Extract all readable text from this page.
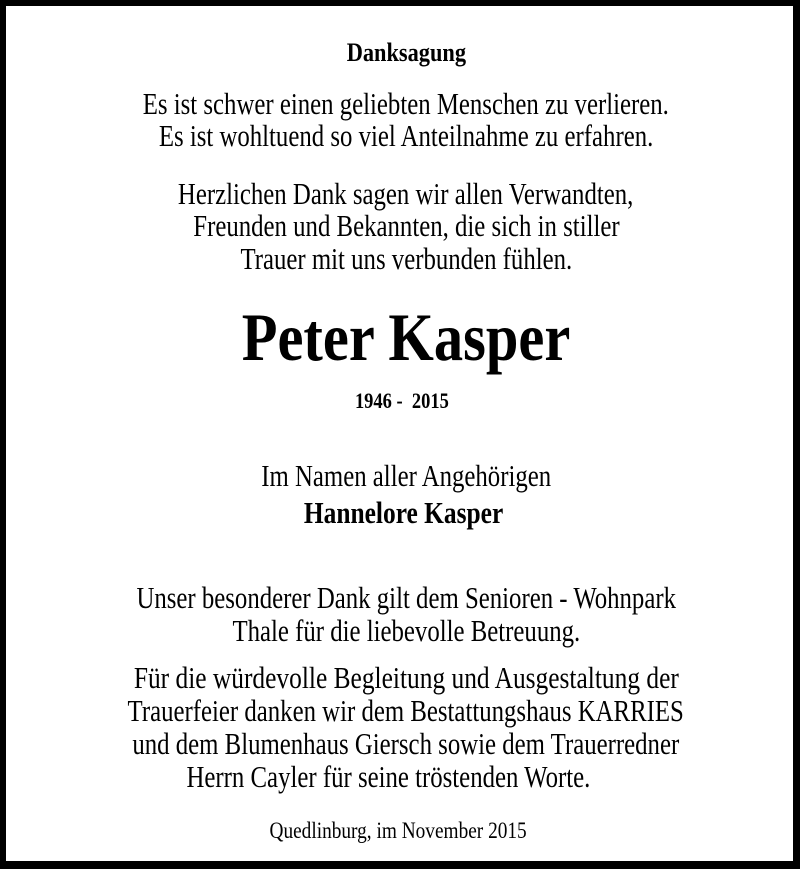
Danksagung
Es ist schwer einen geliebten Menschen zu verlieren.
Es ist wohltuend so viel Anteilnahme zu erfahren.
Herzlichen Dank sagen wir allen Verwandten,
Freunden und Bekannten, die sich in stiller
Trauer mit uns verbunden fühlen.
Peter Kasper
1946 -  2015
Im Namen aller Angehörigen
Hannelore Kasper
Unser besonderer Dank gilt dem Senioren - Wohnpark
Thale für die liebevolle Betreuung.
Für die würdevolle Begleitung und Ausgestaltung der
Trauerfeier danken wir dem Bestattungshaus KARRIES
und dem Blumenhaus Giersch sowie dem Trauerredner
Herrn Cayler für seine tröstenden Worte.
Quedlinburg, im November 2015
